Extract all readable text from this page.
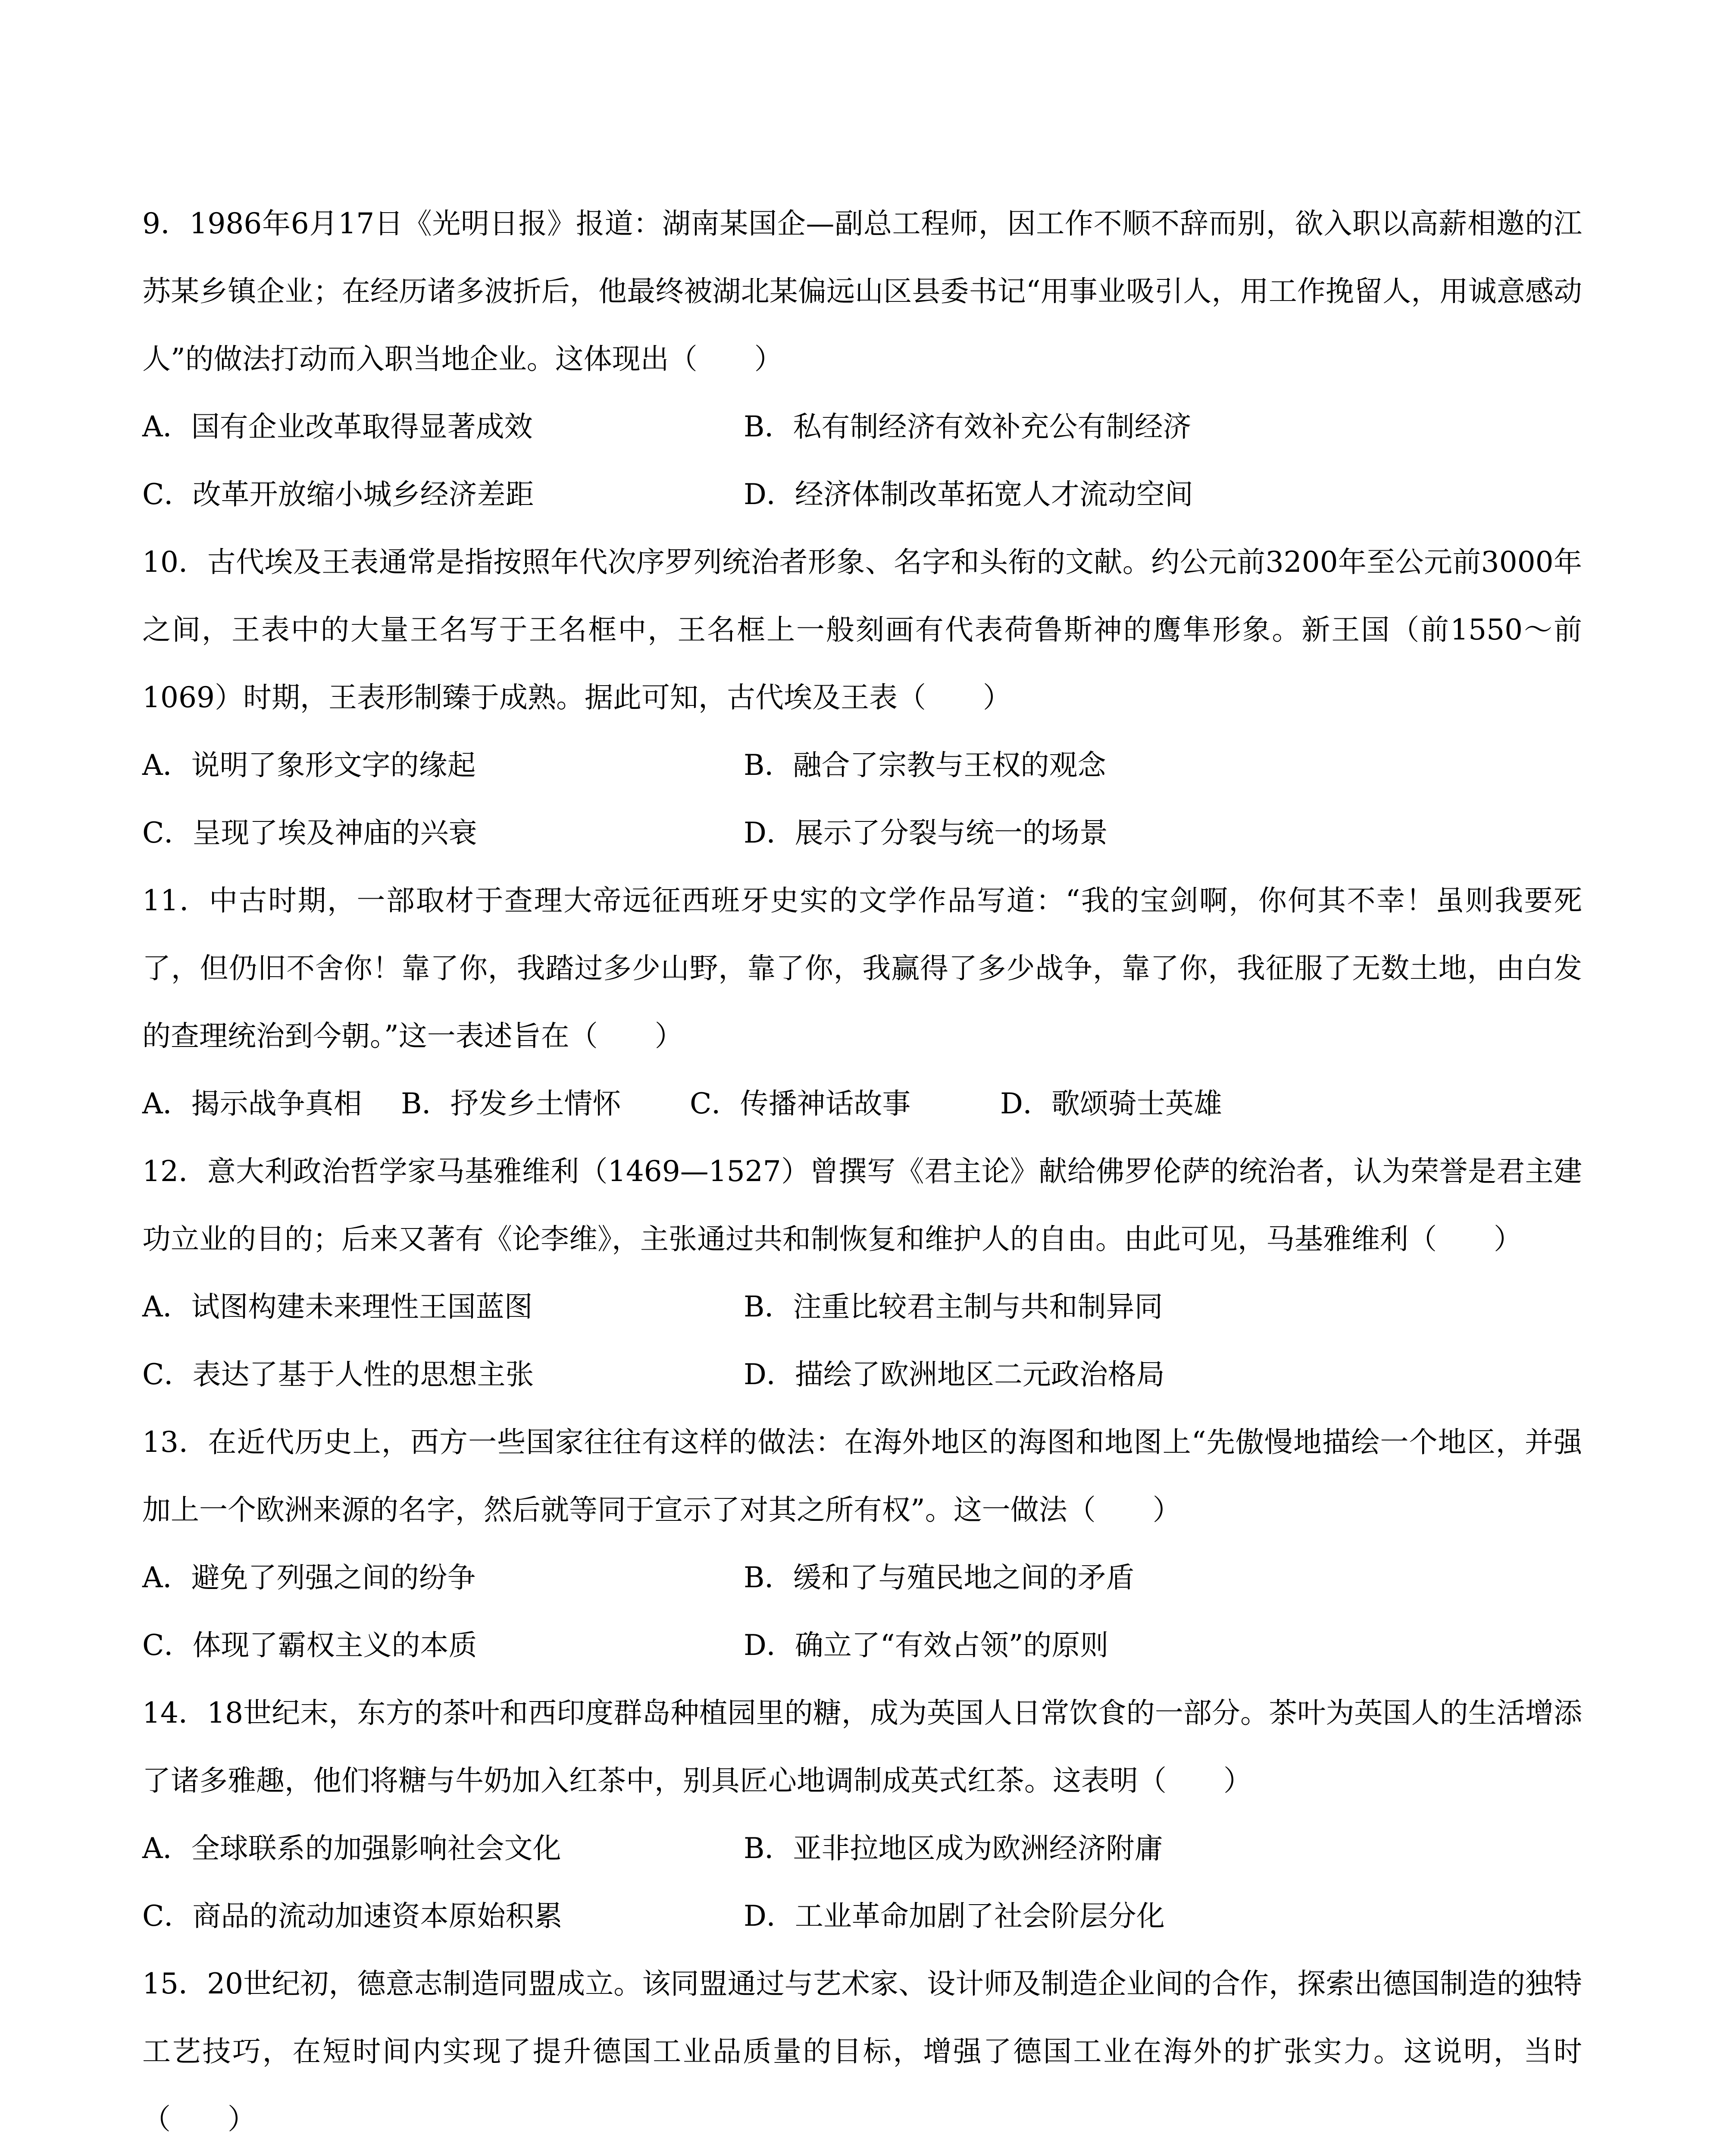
9．1986年6月17日《光明日报》报道：湖南某国企—副总工程师，因工作不顺不辞而别，欲入职以高薪相邀的江苏某乡镇企业；在经历诸多波折后，他最终被湖北某偏远山区县委书记“用事业吸引人，用工作挽留人，用诚意感动人”的做法打动而入职当地企业。这体现出（　　）

A．国有企业改革取得显著成效	B．私有制经济有效补充公有制经济
C．改革开放缩小城乡经济差距	D．经济体制改革拓宽人才流动空间

10．古代埃及王表通常是指按照年代次序罗列统治者形象、名字和头衔的文献。约公元前3200年至公元前3000年之间，王表中的大量王名写于王名框中，王名框上一般刻画有代表荷鲁斯神的鹰隼形象。新王国（前1550～前1069）时期，王表形制臻于成熟。据此可知，古代埃及王表（　　）

A．说明了象形文字的缘起	B．融合了宗教与王权的观念
C．呈现了埃及神庙的兴衰	D．展示了分裂与统一的场景

11．中古时期，一部取材于查理大帝远征西班牙史实的文学作品写道：“我的宝剑啊，你何其不幸！虽则我要死了，但仍旧不舍你！靠了你，我踏过多少山野，靠了你，我赢得了多少战争，靠了你，我征服了无数土地，由白发的查理统治到今朝。”这一表述旨在（　　）

A．揭示战争真相 B．抒发乡土情怀 C．传播神话故事	D．歌颂骑士英雄

12．意大利政治哲学家马基雅维利（1469—1527）曾撰写《君主论》献给佛罗伦萨的统治者，认为荣誉是君主建功立业的目的；后来又著有《论李维》，主张通过共和制恢复和维护人的自由。由此可见，马基雅维利（　　）

A．试图构建未来理性王国蓝图	B．注重比较君主制与共和制异同
C．表达了基于人性的思想主张	D．描绘了欧洲地区二元政治格局

13．在近代历史上，西方一些国家往往有这样的做法：在海外地区的海图和地图上“先傲慢地描绘一个地区，并强加上一个欧洲来源的名字，然后就等同于宣示了对其之所有权”。这一做法（　　）

A．避免了列强之间的纷争	B．缓和了与殖民地之间的矛盾
C．体现了霸权主义的本质	D．确立了“有效占领”的原则

14．18世纪末，东方的茶叶和西印度群岛种植园里的糖，成为英国人日常饮食的一部分。茶叶为英国人的生活增添了诸多雅趣，他们将糖与牛奶加入红茶中，别具匠心地调制成英式红茶。这表明（　　）

A．全球联系的加强影响社会文化	B．亚非拉地区成为欧洲经济附庸
C．商品的流动加速资本原始积累	D．工业革命加剧了社会阶层分化

15．20世纪初，德意志制造同盟成立。该同盟通过与艺术家、设计师及制造企业间的合作，探索出德国制造的独特工艺技巧，在短时间内实现了提升德国工业品质量的目标，增强了德国工业在海外的扩张实力。这说明，当时（　　）
